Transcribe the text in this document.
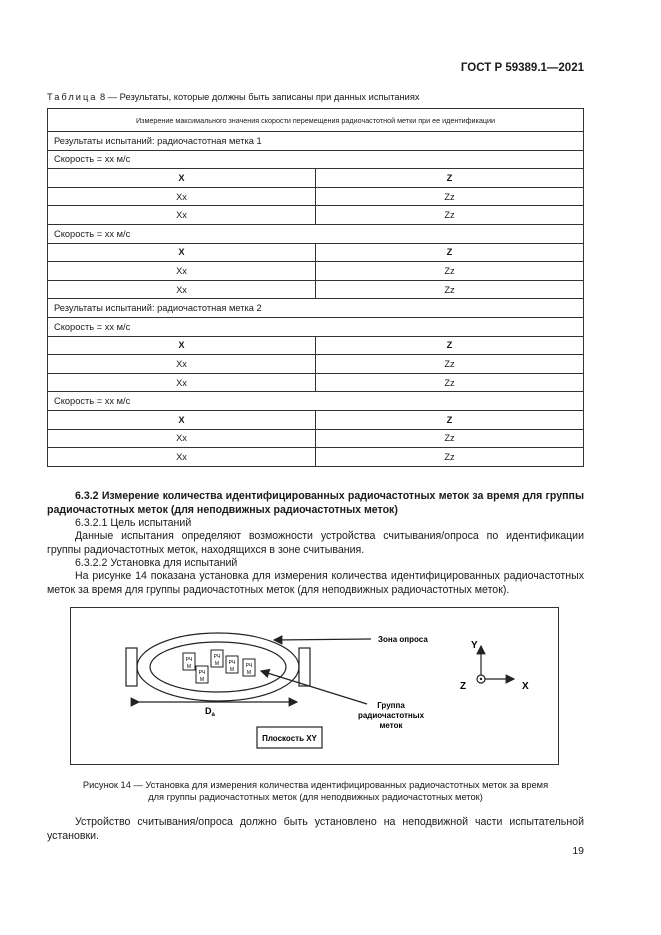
ГОСТ Р 59389.1—2021
Таблица 8 — Результаты, которые должны быть записаны при данных испытаниях
Измерение максимального значения скорости перемещения радиочастотной метки при ее идентификации	
Результаты испытаний: радиочастотная метка 1	
Скорость = хх м/с	
X	Z
Xx	Zz
Xx	Zz
Скорость = хх м/с	
X	Z
Xx	Zz
Xx	Zz
Результаты испытаний: радиочастотная метка 2	
Скорость = хх м/с	
X	Z
Xx	Zz
Xx	Zz
Скорость = хх м/с	
X	Z
Xx	Zz
Xx	Zz
6.3.2 Измерение количества идентифицированных радиочастотных меток за время для группы радиочастотных меток (для неподвижных радиочастотных меток)
6.3.2.1 Цель испытаний
Данные испытания определяют возможности устройства считывания/опроса по идентификации группы радиочастотных меток, находящихся в зоне считывания.
6.3.2.2 Установка для испытаний
На рисунке 14 показана установка для измерения количества идентифицированных радиочастотных меток за время для группы радиочастотных меток (для неподвижных радиочастотных меток).
РЧ
М
РЧ
М
РЧ
М РЧ
М
РЧ
М
Зона опроса
Группа
радиочастотных
меток
$D_a$
Плоскость XY
Y
Z	X
Рисунок 14 — Установка для измерения количества идентифицированных радиочастотных меток за время
для группы радиочастотных меток (для неподвижных радиочастотных меток)
Устройство считывания/опроса должно быть установлено на неподвижной части испытательной установки.
19
